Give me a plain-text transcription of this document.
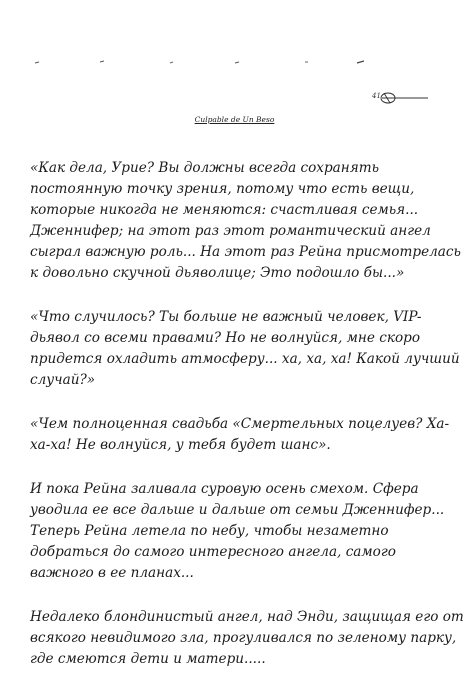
41
Culpable de Un Beso

«Как дела, Урие? Вы должны всегда сохранять
постоянную точку зрения, потому что есть вещи,
которые никогда не меняются: счастливая семья...
Дженнифер; на этот раз этот романтический ангел
сыграл важную роль... На этот раз Рейна присмотрелась
к довольно скучной дьяволице; Это подошло бы...»

«Что случилось? Ты больше не важный человек, VIP-
дьявол со всеми правами? Но не волнуйся, мне скоро
придется охладить атмосферу... ха, ха, ха! Какой лучший
случай?»

«Чем полноценная свадьба «Смертельных поцелуев? Ха-
ха-ха! Не волнуйся, у тебя будет шанс».

И пока Рейна заливала суровую осень смехом. Сфера
уводила ее все дальше и дальше от семьи Дженнифер...
Теперь Рейна летела по небу, чтобы незаметно
добраться до самого интересного ангела, самого
важного в ее планах...

Недалеко блондинистый ангел, над Энди, защищая его от
всякого невидимого зла, прогуливался по зеленому парку,
где смеются дети и матери.....
